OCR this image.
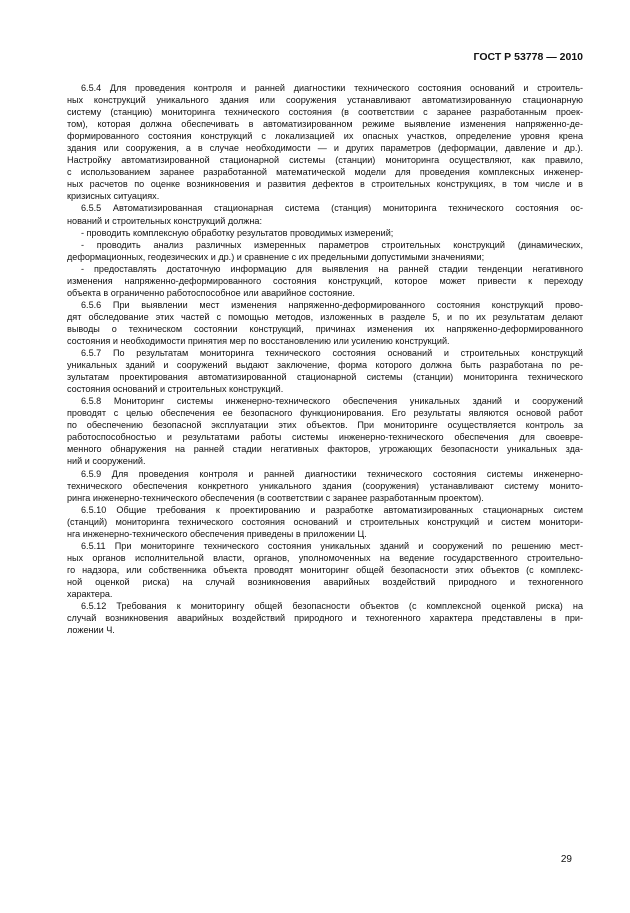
ГОСТ Р 53778 — 2010
6.5.4 Для проведения контроля и ранней диагностики технического состояния оснований и строитель-
ных конструкций уникального здания или сооружения устанавливают автоматизированную стационарную
систему (станцию) мониторинга технического состояния (в соответствии с заранее разработанным проек-
том), которая должна обеспечивать в автоматизированном режиме выявление изменения напряженно-де-
формированного состояния конструкций с локализацией их опасных участков, определение уровня крена
здания или сооружения, а в случае необходимости — и других параметров (деформации, давление и др.).
Настройку автоматизированной стационарной системы (станции) мониторинга осуществляют, как правило,
с использованием заранее разработанной математической модели для проведения комплексных инженер-
ных расчетов по оценке возникновения и развития дефектов в строительных конструкциях, в том числе и в
кризисных ситуациях.
6.5.5 Автоматизированная стационарная система (станция) мониторинга технического состояния ос-
нований и строительных конструкций должна:
- проводить комплексную обработку результатов проводимых измерений;
- проводить анализ различных измеренных параметров строительных конструкций (динамических,
деформационных, геодезических и др.) и сравнение с их предельными допустимыми значениями;
- предоставлять достаточную информацию для выявления на ранней стадии тенденции негативного
изменения напряженно-деформированного состояния конструкций, которое может привести к переходу
объекта в ограниченно работоспособное или аварийное состояние.
6.5.6 При выявлении мест изменения напряженно-деформированного состояния конструкций прово-
дят обследование этих частей с помощью методов, изложенных в разделе 5, и по их результатам делают
выводы о техническом состоянии конструкций, причинах изменения их напряженно-деформированного
состояния и необходимости принятия мер по восстановлению или усилению конструкций.
6.5.7 По результатам мониторинга технического состояния оснований и строительных конструкций
уникальных зданий и сооружений выдают заключение, форма которого должна быть разработана по ре-
зультатам проектирования автоматизированной стационарной системы (станции) мониторинга технического
состояния оснований и строительных конструкций.
6.5.8 Мониторинг системы инженерно-технического обеспечения уникальных зданий и сооружений
проводят с целью обеспечения ее безопасного функционирования. Его результаты являются основой работ
по обеспечению безопасной эксплуатации этих объектов. При мониторинге осуществляется контроль за
работоспособностью и результатами работы системы инженерно-технического обеспечения для своевре-
менного обнаружения на ранней стадии негативных факторов, угрожающих безопасности уникальных зда-
ний и сооружений.
6.5.9 Для проведения контроля и ранней диагностики технического состояния системы инженерно-
технического обеспечения конкретного уникального здания (сооружения) устанавливают систему монито-
ринга инженерно-технического обеспечения (в соответствии с заранее разработанным проектом).
6.5.10 Общие требования к проектированию и разработке автоматизированных стационарных систем
(станций) мониторинга технического состояния оснований и строительных конструкций и систем монитори-
нга инженерно-технического обеспечения приведены в приложении Ц.
6.5.11 При мониторинге технического состояния уникальных зданий и сооружений по решению мест-
ных органов исполнительной власти, органов, уполномоченных на ведение государственного строительно-
го надзора, или собственника объекта проводят мониторинг общей безопасности этих объектов (с комплекс-
ной оценкой риска) на случай возникновения аварийных воздействий природного и техногенного
характера.
6.5.12 Требования к мониторингу общей безопасности объектов (с комплексной оценкой риска) на
случай возникновения аварийных воздействий природного и техногенного характера представлены в при-
ложении Ч.
29
